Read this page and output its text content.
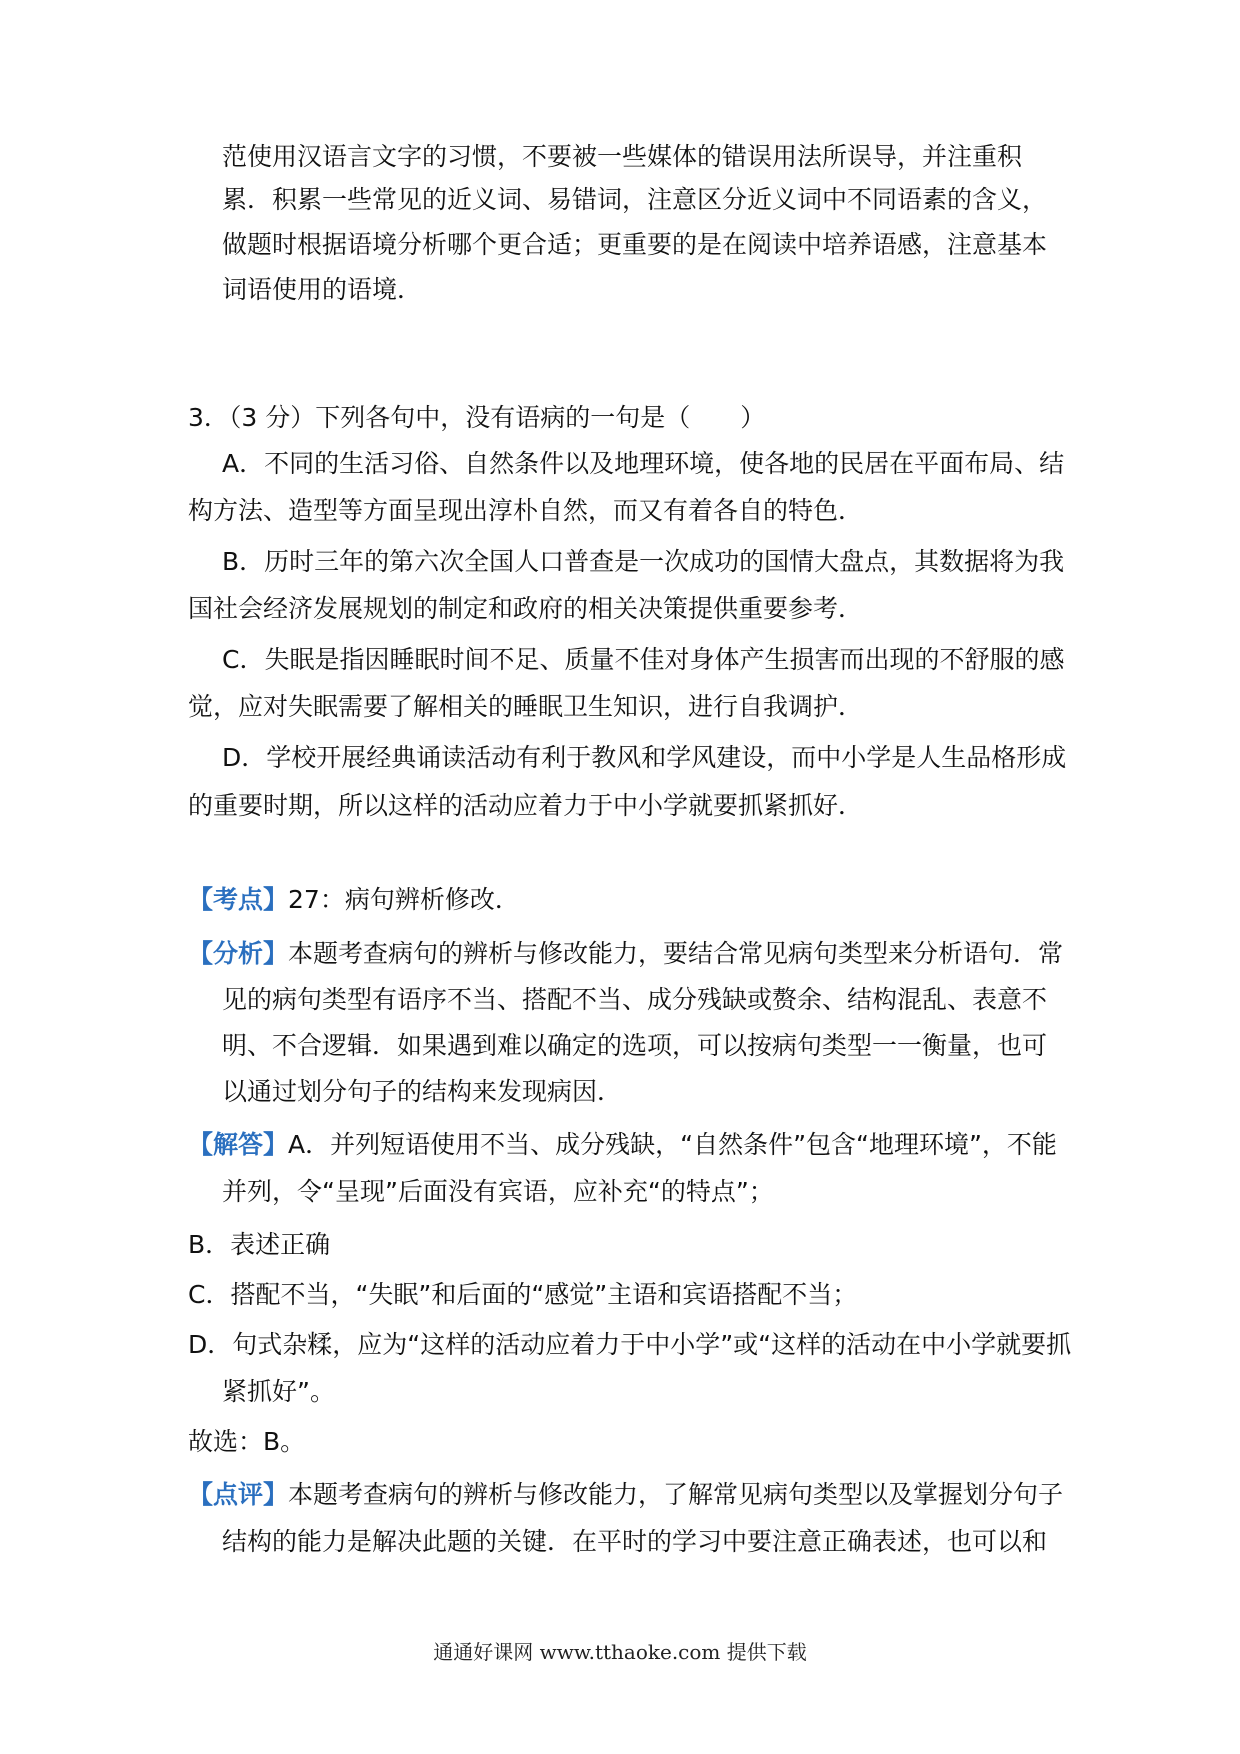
范使用汉语言文字的习惯，不要被一些媒体的错误用法所误导，并注重积
累．积累一些常见的近义词、易错词，注意区分近义词中不同语素的含义，
做题时根据语境分析哪个更合适；更重要的是在阅读中培养语感，注意基本
词语使用的语境．
3．（3 分）下列各句中，没有语病的一句是（　　）
A．不同的生活习俗、自然条件以及地理环境，使各地的民居在平面布局、结
构方法、造型等方面呈现出淳朴自然，而又有着各自的特色．
B．历时三年的第六次全国人口普查是一次成功的国情大盘点，其数据将为我
国社会经济发展规划的制定和政府的相关决策提供重要参考．
C．失眠是指因睡眠时间不足、质量不佳对身体产生损害而出现的不舒服的感
觉，应对失眠需要了解相关的睡眠卫生知识，进行自我调护．
D．学校开展经典诵读活动有利于教风和学风建设，而中小学是人生品格形成
的重要时期，所以这样的活动应着力于中小学就要抓紧抓好．
【考点】27：病句辨析修改．
【分析】本题考查病句的辨析与修改能力，要结合常见病句类型来分析语句．常
见的病句类型有语序不当、搭配不当、成分残缺或赘余、结构混乱、表意不
明、不合逻辑．如果遇到难以确定的选项，可以按病句类型一一衡量，也可
以通过划分句子的结构来发现病因．
【解答】A．并列短语使用不当、成分残缺，“自然条件”包含“地理环境”，不能
并列，令“呈现”后面没有宾语，应补充“的特点”；
B．表述正确
C．搭配不当，“失眠”和后面的“感觉”主语和宾语搭配不当；
D．句式杂糅，应为“这样的活动应着力于中小学”或“这样的活动在中小学就要抓
紧抓好”。
故选：B。
【点评】本题考查病句的辨析与修改能力，了解常见病句类型以及掌握划分句子
结构的能力是解决此题的关键．在平时的学习中要注意正确表述，也可以和
通通好课网 www.tthaoke.com 提供下载
